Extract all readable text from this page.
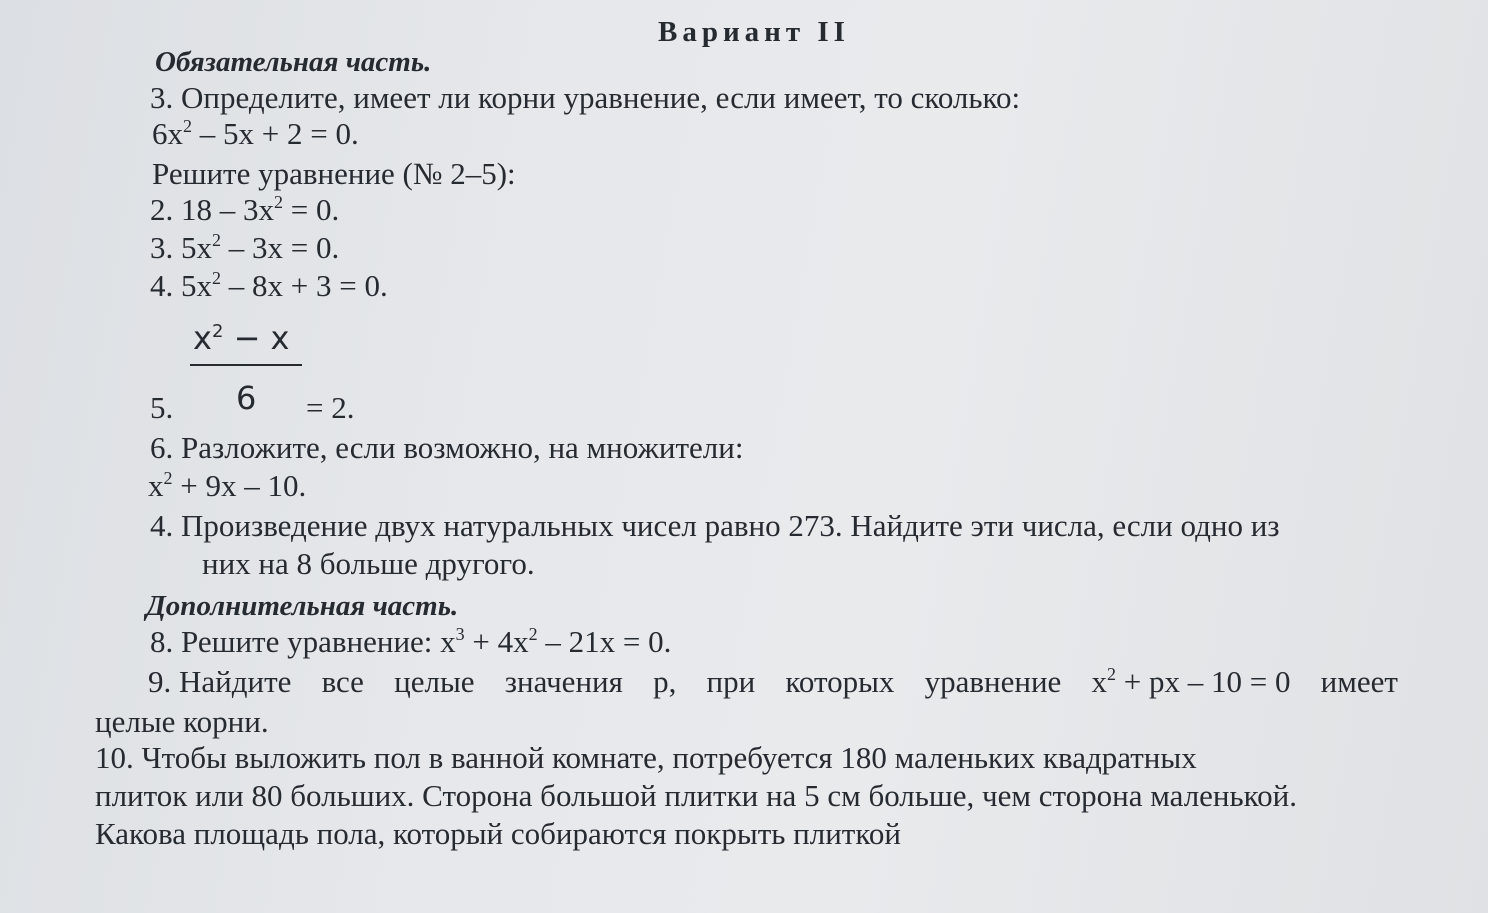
Вариант II
Обязательная часть.
3. Определите, имеет ли корни уравнение, если имеет, то сколько:
$6x^2 - 5x + 2 = 0$.
Решите уравнение (№ 2–5):
2. $18 - 3x^2 = 0$.
3. $5x^2 - 3x = 0$.
4. $5x^2 - 8x + 3 = 0$.
$x^2 - x$
5. 6 = 2.
6. Разложите, если возможно, на множители:
$x^2 + 9x - 10$.
4. Произведение двух натуральных чисел равно 273. Найдите эти числа, если одно из
них на 8 больше другого.
Дополнительная часть.
8. Решите уравнение: $x^3 + 4x^2 - 21x = 0$.
9. Найдите все целые значения p, при которых уравнение $x^2$ + px – 10 = 0 имеет
целые корни.
10. Чтобы выложить пол в ванной комнате, потребуется 180 маленьких квадратных
плиток или 80 больших. Сторона большой плитки на 5 см больше, чем сторона маленькой.
Какова площадь пола, который собираются покрыть плиткой
